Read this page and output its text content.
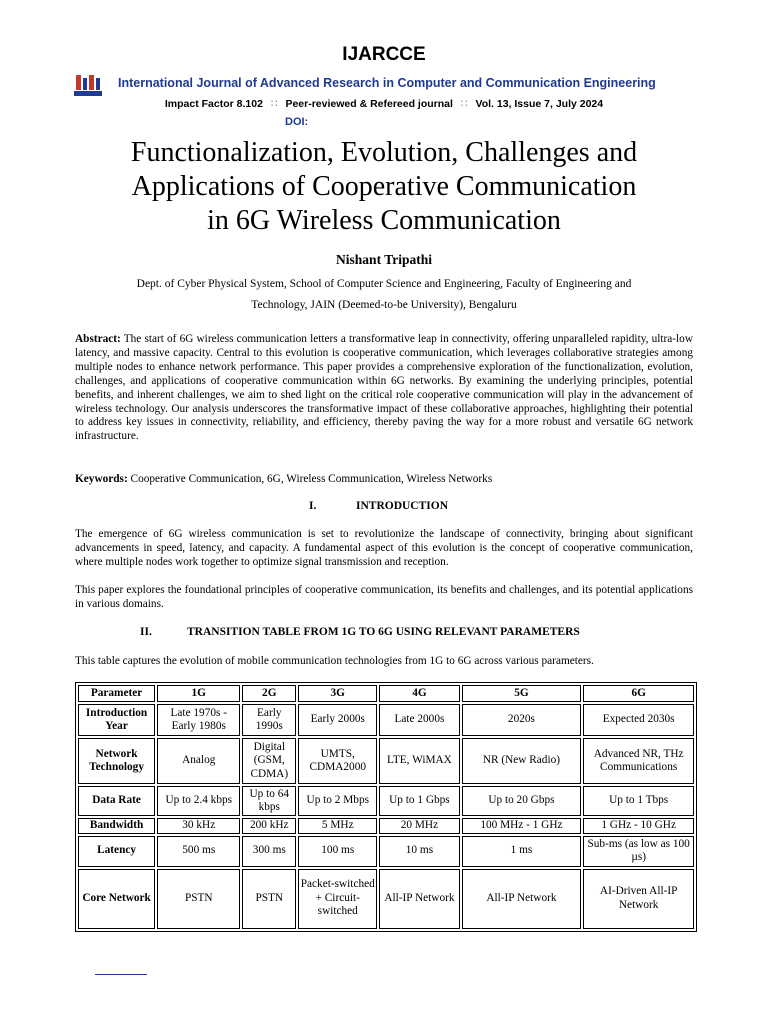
IJARCCE
International Journal of Advanced Research in Computer and Communication Engineering
Impact Factor 8.102 ∷ Peer-reviewed & Refereed journal ∷ Vol. 13, Issue 7, July 2024
DOI:
Functionalization, Evolution, Challenges and
Applications of Cooperative Communication
in 6G Wireless Communication
Nishant Tripathi
Dept. of Cyber Physical System, School of Computer Science and Engineering, Faculty of Engineering and
Technology, JAIN (Deemed-to-be University), Bengaluru
Abstract: The start of 6G wireless communication letters a transformative leap in connectivity, offering unparalleled rapidity, ultra-low latency, and massive capacity. Central to this evolution is cooperative communication, which leverages collaborative strategies among multiple nodes to enhance network performance. This paper provides a comprehensive exploration of the functionalization, evolution, challenges, and applications of cooperative communication within 6G networks. By examining the underlying principles, potential benefits, and inherent challenges, we aim to shed light on the critical role cooperative communication will play in the advancement of wireless technology. Our analysis underscores the transformative impact of these collaborative approaches, highlighting their potential to address key issues in connectivity, reliability, and efficiency, thereby paving the way for a more robust and versatile 6G network infrastructure.
Keywords: Cooperative Communication, 6G, Wireless Communication, Wireless Networks
I.	INTRODUCTION
The emergence of 6G wireless communication is set to revolutionize the landscape of connectivity, bringing about significant advancements in speed, latency, and capacity. A fundamental aspect of this evolution is the concept of cooperative communication, where multiple nodes work together to optimize signal transmission and reception.
This paper explores the foundational principles of cooperative communication, its benefits and challenges, and its potential applications in various domains.
II.	TRANSITION TABLE FROM 1G TO 6G USING RELEVANT PARAMETERS
This table captures the evolution of mobile communication technologies from 1G to 6G across various parameters.
Parameter	1G	2G	3G	4G	5G	6G
Introduction Year	Late 1970s - Early 1980s	Early 1990s	Early 2000s	Late 2000s	2020s	Expected 2030s
Network Technology	Analog	Digital (GSM, CDMA)	UMTS, CDMA2000	LTE, WiMAX	NR (New Radio)	Advanced NR, THz Communications
Data Rate	Up to 2.4 kbps	Up to 64 kbps	Up to 2 Mbps	Up to 1 Gbps	Up to 20 Gbps	Up to 1 Tbps
Bandwidth	30 kHz	200 kHz	5 MHz	20 MHz	100 MHz - 1 GHz	1 GHz - 10 GHz
Latency	500 ms	300 ms	100 ms	10 ms	1 ms	Sub-ms (as low as 100 µs)
Core Network	PSTN	PSTN	Packet-switched + Circuit-switched	All-IP Network	All-IP Network	AI-Driven All-IP Network
